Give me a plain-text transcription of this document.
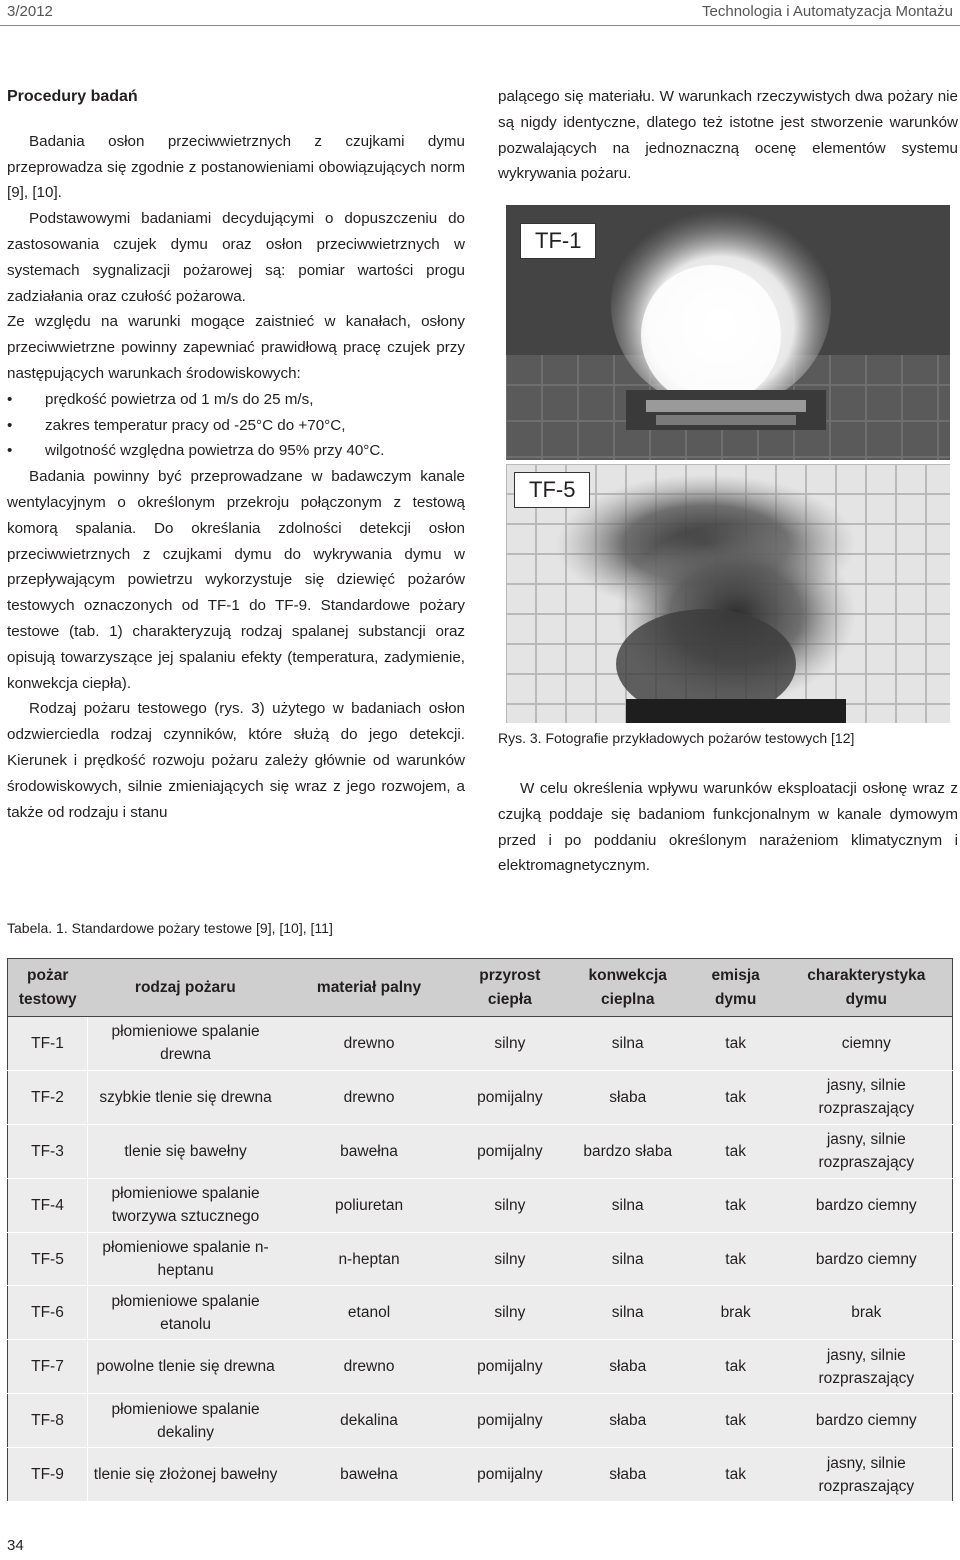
3/2012	Technologia i Automatyzacja Montażu
Procedury badań

Badania osłon przeciwwietrznych z czujkami dymu przeprowadza się zgodnie z postanowieniami obowiązujących norm [9], [10].

Podstawowymi badaniami decydującymi o dopuszczeniu do zastosowania czujek dymu oraz osłon przeciwwietrznych w systemach sygnalizacji pożarowej są: pomiar wartości progu zadziałania oraz czułość pożarowa.

Ze względu na warunki mogące zaistnieć w kanałach, osłony przeciwwietrzne powinny zapewniać prawidłową pracę czujek przy następujących warunkach środowiskowych:

• prędkość powietrza od 1 m/s do 25 m/s,
• zakres temperatur pracy od -25°C do +70°C,
• wilgotność względna powietrza do 95% przy 40°C.

Badania powinny być przeprowadzane w badawczym kanale wentylacyjnym o określonym przekroju połączonym z testową komorą spalania. Do określania zdolności detekcji osłon przeciwwietrznych z czujkami dymu do wykrywania dymu w przepływającym powietrzu wykorzystuje się dziewięć pożarów testowych oznaczonych od TF-1 do TF-9. Standardowe pożary testowe (tab. 1) charakteryzują rodzaj spalanej substancji oraz opisują towarzyszące jej spalaniu efekty (temperatura, zadymienie, konwekcja ciepła).

Rodzaj pożaru testowego (rys. 3) użytego w badaniach osłon odzwierciedla rodzaj czynników, które służą do jego detekcji. Kierunek i prędkość rozwoju pożaru zależy głównie od warunków środowiskowych, silnie zmieniających się wraz z jego rozwojem, a także od rodzaju i stanu

palącego się materiału. W warunkach rzeczywistych dwa pożary nie są nigdy identyczne, dlatego też istotne jest stworzenie warunków pozwalających na jednoznaczną ocenę elementów systemu wykrywania pożaru.

TF-1
TF-5
Rys. 3. Fotografie przykładowych pożarów testowych [12]

W celu określenia wpływu warunków eksploatacji osłonę wraz z czujką poddaje się badaniom funkcjonalnym w kanale dymowym przed i po poddaniu określonym narażeniom klimatycznym i elektromagnetycznym.

Tabela. 1. Standardowe pożary testowe [9], [10], [11]
pożar testowy	rodzaj pożaru	materiał palny	przyrost ciepła	konwekcja cieplna	emisja dymu	charakterystyka dymu
TF-1	płomieniowe spalanie drewna	drewno	silny	silna	tak	ciemny
TF-2	szybkie tlenie się drewna	drewno	pomijalny	słaba	tak	jasny, silnie rozpraszający
TF-3	tlenie się bawełny	bawełna	pomijalny	bardzo słaba	tak	jasny, silnie rozpraszający
TF-4	płomieniowe spalanie tworzywa sztucznego	poliuretan	silny	silna	tak	bardzo ciemny
TF-5	płomieniowe spalanie n-heptanu	n-heptan	silny	silna	tak	bardzo ciemny
TF-6	płomieniowe spalanie etanolu	etanol	silny	silna	brak	brak
TF-7	powolne tlenie się drewna	drewno	pomijalny	słaba	tak	jasny, silnie rozpraszający
TF-8	płomieniowe spalanie dekaliny	dekalina	pomijalny	słaba	tak	bardzo ciemny
TF-9	tlenie się złożonej bawełny	bawełna	pomijalny	słaba	tak	jasny, silnie rozpraszający
34
